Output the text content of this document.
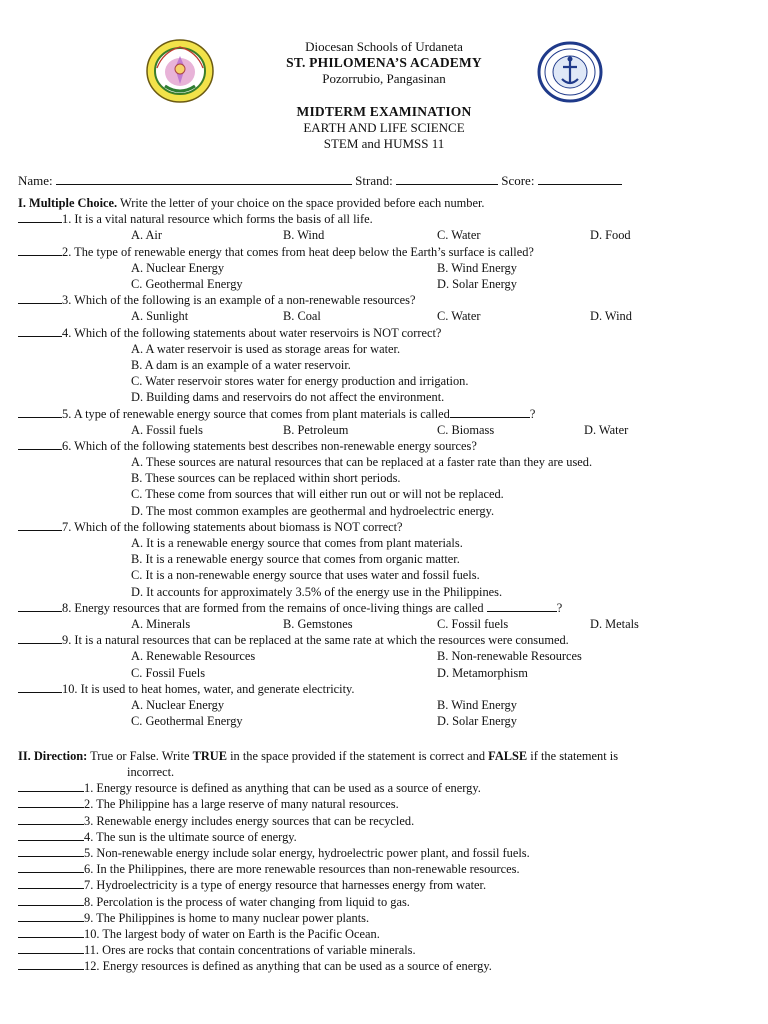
Diocesan Schools of Urdaneta
ST. PHILOMENA’S ACADEMY
Pozorrubio, Pangasinan
MIDTERM EXAMINATION
EARTH AND LIFE SCIENCE
STEM and HUMSS 11
Name:	Strand:	Score:
I. Multiple Choice. Write the letter of your choice on the space provided before each number.
1. It is a vital natural resource which forms the basis of all life.
A. Air	B. Wind	C. Water	D. Food
2. The type of renewable energy that comes from heat deep below the Earth’s surface is called?
A. Nuclear Energy	B. Wind Energy
C. Geothermal Energy	D. Solar Energy
3. Which of the following is an example of a non-renewable resources?
A. Sunlight	B. Coal	C. Water	D. Wind
4. Which of the following statements about water reservoirs is NOT correct?
A. A water reservoir is used as storage areas for water.
B. A dam is an example of a water reservoir.
C. Water reservoir stores water for energy production and irrigation.
D. Building dams and reservoirs do not affect the environment.
5. A type of renewable energy source that comes from plant materials is called	?
A. Fossil fuels	B. Petroleum	C. Biomass	D. Water
6. Which of the following statements best describes non-renewable energy sources?
A. These sources are natural resources that can be replaced at a faster rate than they are used.
B. These sources can be replaced within short periods.
C. These come from sources that will either run out or will not be replaced.
D. The most common examples are geothermal and hydroelectric energy.
7. Which of the following statements about biomass is NOT correct?
A. It is a renewable energy source that comes from plant materials.
B. It is a renewable energy source that comes from organic matter.
C. It is a non-renewable energy source that uses water and fossil fuels.
D. It accounts for approximately 3.5% of the energy use in the Philippines.
8. Energy resources that are formed from the remains of once-living things are called	?
A. Minerals	B. Gemstones	C. Fossil fuels	D. Metals
9. It is a natural resources that can be replaced at the same rate at which the resources were consumed.
A. Renewable Resources	B. Non-renewable Resources
C. Fossil Fuels	D. Metamorphism
10. It is used to heat homes, water, and generate electricity.
A. Nuclear Energy	B. Wind Energy
C. Geothermal Energy	D. Solar Energy
II. Direction: True or False. Write TRUE in the space provided if the statement is correct and FALSE if the statement is
incorrect.
1. Energy resource is defined as anything that can be used as a source of energy.
2. The Philippine has a large reserve of many natural resources.
3. Renewable energy includes energy sources that can be recycled.
4. The sun is the ultimate source of energy.
5. Non-renewable energy include solar energy, hydroelectric power plant, and fossil fuels.
6. In the Philippines, there are more renewable resources than non-renewable resources.
7. Hydroelectricity is a type of energy resource that harnesses energy from water.
8. Percolation is the process of water changing from liquid to gas.
9. The Philippines is home to many nuclear power plants.
10. The largest body of water on Earth is the Pacific Ocean.
11. Ores are rocks that contain concentrations of variable minerals.
12. Energy resources is defined as anything that can be used as a source of energy.
